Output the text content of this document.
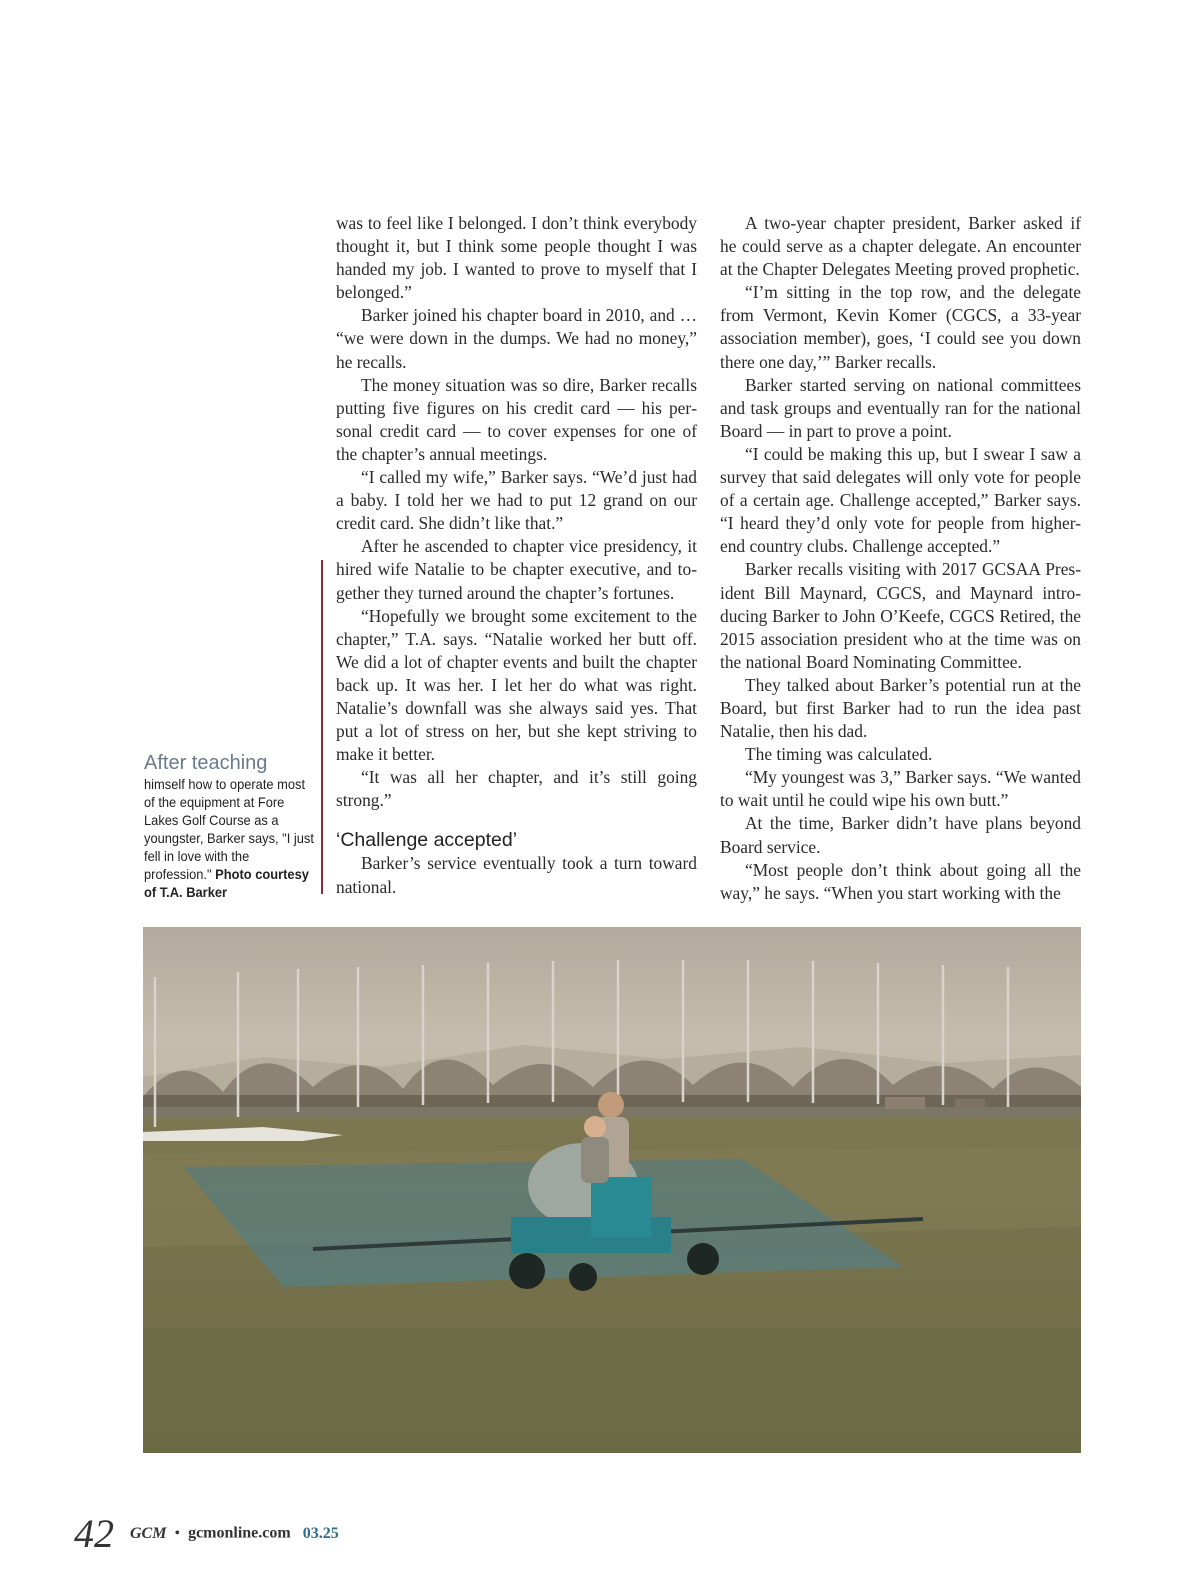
was to feel like I belonged. I don’t think everybody thought it, but I think some people thought I was handed my job. I wanted to prove to myself that I belonged.”

Barker joined his chapter board in 2010, and … “we were down in the dumps. We had no money,” he recalls.

The money situation was so dire, Barker recalls putting five figures on his credit card — his personal credit card — to cover expenses for one of the chapter’s annual meetings.

“I called my wife,” Barker says. “We’d just had a baby. I told her we had to put 12 grand on our credit card. She didn’t like that.”

After he ascended to chapter vice presidency, it hired wife Natalie to be chapter executive, and together they turned around the chapter’s fortunes.

“Hopefully we brought some excitement to the chapter,” T.A. says. “Natalie worked her butt off. We did a lot of chapter events and built the chapter back up. It was her. I let her do what was right. Natalie’s downfall was she always said yes. That put a lot of stress on her, but she kept striving to make it better.

“It was all her chapter, and it’s still going strong.”

‘Challenge accepted’

Barker’s service eventually took a turn toward national.

A two-year chapter president, Barker asked if he could serve as a chapter delegate. An encounter at the Chapter Delegates Meeting proved prophetic.

“I’m sitting in the top row, and the delegate from Vermont, Kevin Komer (CGCS, a 33-year association member), goes, ‘I could see you down there one day,’” Barker recalls.

Barker started serving on national committees and task groups and eventually ran for the national Board — in part to prove a point.

“I could be making this up, but I swear I saw a survey that said delegates will only vote for people of a certain age. Challenge accepted,” Barker says. “I heard they’d only vote for people from higher-end country clubs. Challenge accepted.”

Barker recalls visiting with 2017 GCSAA President Bill Maynard, CGCS, and Maynard introducing Barker to John O’Keefe, CGCS Retired, the 2015 association president who at the time was on the national Board Nominating Committee.

They talked about Barker’s potential run at the Board, but first Barker had to run the idea past Natalie, then his dad.

The timing was calculated.

“My youngest was 3,” Barker says. “We wanted to wait until he could wipe his own butt.”

At the time, Barker didn’t have plans beyond Board service.

“Most people don’t think about going all the way,” he says. “When you start working with the

After teaching
himself how to operate most of the equipment at Fore Lakes Golf Course as a youngster, Barker says, "I just fell in love with the profession." Photo courtesy of T.A. Barker
42 GCM • gcmonline.com 03.25
